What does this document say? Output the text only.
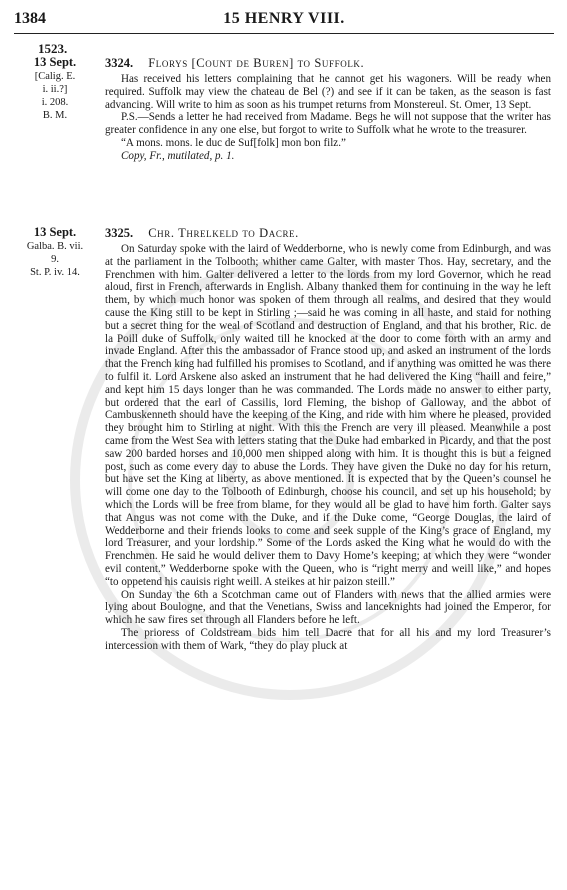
1384	15 HENRY VIII.
1523.
13 Sept.
[Calig. E.
i. ii.?]
i. 208.
B. M.
3324. Florys [Count de Buren] to Suffolk.

Has received his letters complaining that he cannot get his wagoners. Will be ready when required. Suffolk may view the chateau de Bel (?) and see if it can be taken, as the season is fast advancing. Will write to him as soon as his trumpet returns from Monstereul. St. Omer, 13 Sept.

P.S.—Sends a letter he had received from Madame. Begs he will not suppose that the writer has greater confidence in any one else, but forgot to write to Suffolk what he wrote to the treasurer.

“A mons. mons. le duc de Suf[folk] mon bon filz.”

Copy, Fr., mutilated, p. 1.

13 Sept.
Galba. B. vii.
9.
St. P. iv. 14.
3325. Chr. Threlkeld to Dacre.

On Saturday spoke with the laird of Wedderborne, who is newly come from Edinburgh, and was at the parliament in the Tolbooth; whither came Galter, with master Thos. Hay, secretary, and the Frenchmen with him. Galter delivered a letter to the lords from my lord Governor, which he read aloud, first in French, afterwards in English. Albany thanked them for continuing in the way he left them, by which much honor was spoken of them through all realms, and desired that they would cause the King still to be kept in Stirling ;—said he was coming in all haste, and staid for nothing but a secret thing for the weal of Scotland and destruction of England, and that his brother, Ric. de la Poill duke of Suffolk, only waited till he knocked at the door to come forth with an army and invade England. After this the ambassador of France stood up, and asked an instrument of the lords that the French king had fulfilled his promises to Scotland, and if anything was omitted he was there to fulfil it. Lord Arskene also asked an instrument that he had delivered the King “haill and feire,” and kept him 15 days longer than he was commanded. The Lords made no answer to either party, but ordered that the earl of Cassilis, lord Fleming, the bishop of Galloway, and the abbot of Cambuskenneth should have the keeping of the King, and ride with him where he pleased, provided they brought him to Stirling at night. With this the French are very ill pleased. Meanwhile a post came from the West Sea with letters stating that the Duke had embarked in Picardy, and that the post saw 200 barded horses and 10,000 men shipped along with him. It is thought this is but a feigned post, such as come every day to abuse the Lords. They have given the Duke no day for his return, but have set the King at liberty, as above mentioned. It is expected that by the Queen’s counsel he will come one day to the Tolbooth of Edinburgh, choose his council, and set up his household; by which the Lords will be free from blame, for they would all be glad to have him forth. Galter says that Angus was not come with the Duke, and if the Duke come, “George Douglas, the laird of Wedderborne and their friends looks to come and seek supple of the King’s grace of England, my lord Treasurer, and your lordship.” Some of the Lords asked the King what he would do with the Frenchmen. He said he would deliver them to Davy Home’s keeping; at which they were “wonder evil content.” Wedderborne spoke with the Queen, who is “right merry and weill like,” and hopes “to oppetend his cauisis right weill. A steikes at hir paizon steill.”

On Sunday the 6th a Scotchman came out of Flanders with news that the allied armies were lying about Boulogne, and that the Venetians, Swiss and lanceknights had joined the Emperor, for which he saw fires set through all Flanders before he left.

The prioress of Coldstream bids him tell Dacre that for all his and my lord Treasurer’s intercession with them of Wark, “they do play pluck at
